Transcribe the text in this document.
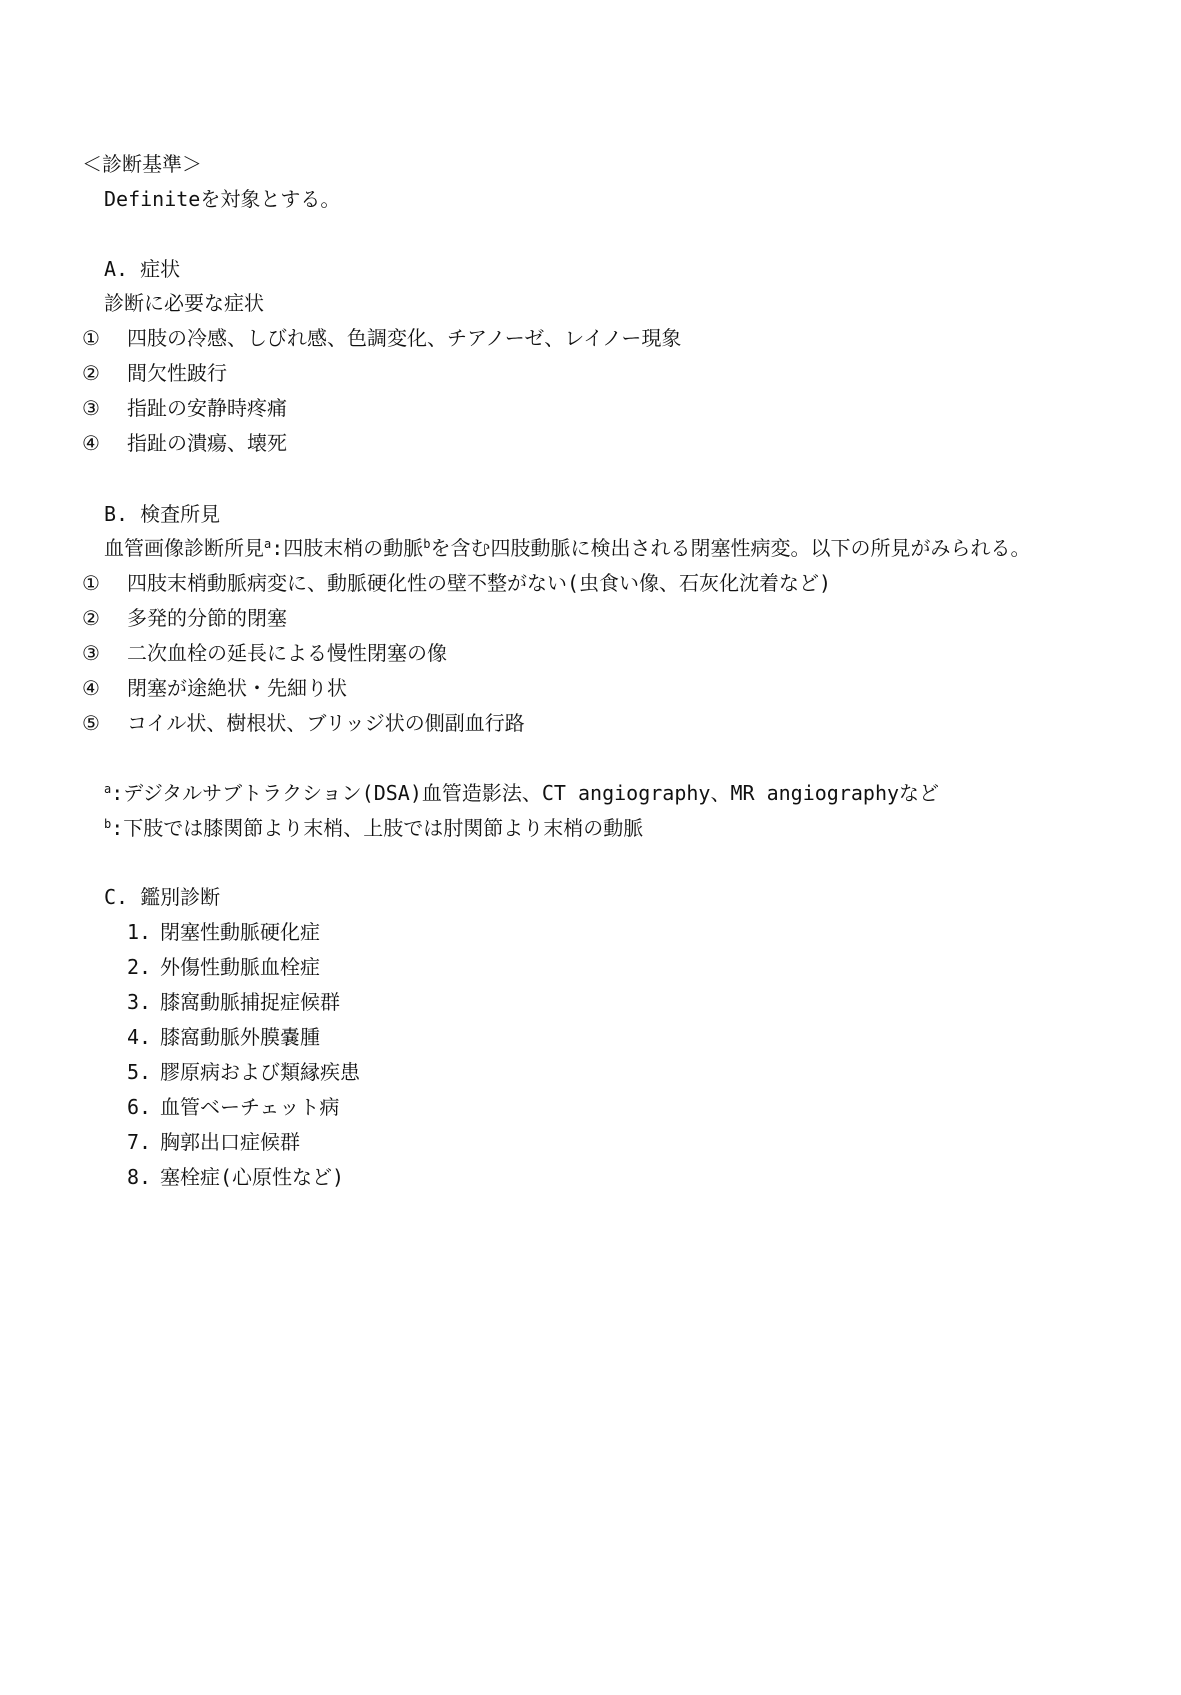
＜診断基準＞
Definiteを対象とする。
A. 症状
診断に必要な症状
① 四肢の冷感、しびれ感、色調変化、チアノーゼ、レイノー現象
② 間欠性跛行
③ 指趾の安静時疼痛
④ 指趾の潰瘍、壊死
B. 検査所見
血管画像診断所見$^a$:四肢末梢の動脈$^b$を含む四肢動脈に検出される閉塞性病変。以下の所見がみられる。
① 四肢末梢動脈病変に、動脈硬化性の壁不整がない(虫食い像、石灰化沈着など)
② 多発的分節的閉塞
③ 二次血栓の延長による慢性閉塞の像
④ 閉塞が途絶状・先細り状
⑤ コイル状、樹根状、ブリッジ状の側副血行路
$^a$:デジタルサブトラクション(DSA)血管造影法、CT angiography、MR angiographyなど
$^b$:下肢では膝関節より末梢、上肢では肘関節より末梢の動脈
C. 鑑別診断
1. 閉塞性動脈硬化症
2. 外傷性動脈血栓症
3. 膝窩動脈捕捉症候群
4. 膝窩動脈外膜嚢腫
5. 膠原病および類縁疾患
6. 血管ベーチェット病
7. 胸郭出口症候群
8. 塞栓症(心原性など)
